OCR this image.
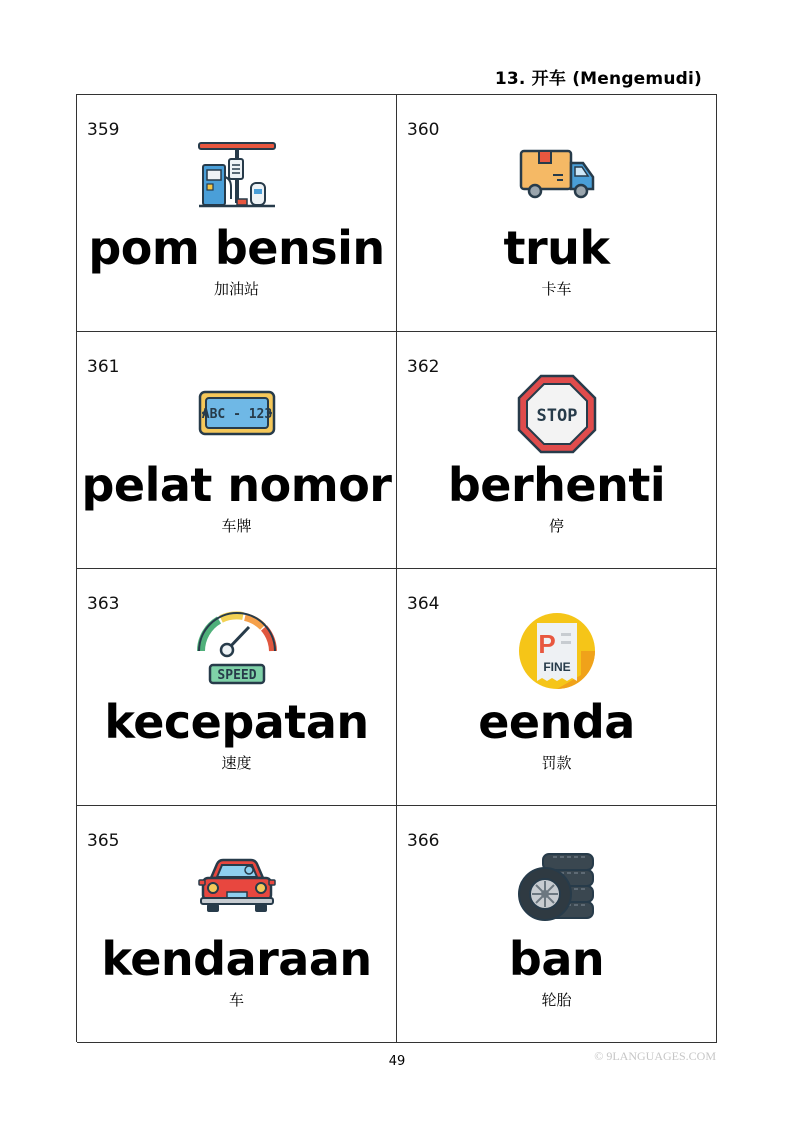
13. 开车 (Mengemudi)
359
pom bensin
加油站
360
truk
卡车
361
ABC - 123
pelat nomor
车牌
362
STOP
berhenti
停
363
SPEED
kecepatan
速度
364
P
FINE
eenda
罚款
365
kendaraan
车
366
ban
轮胎
49	© 9LANGUAGES.COM
